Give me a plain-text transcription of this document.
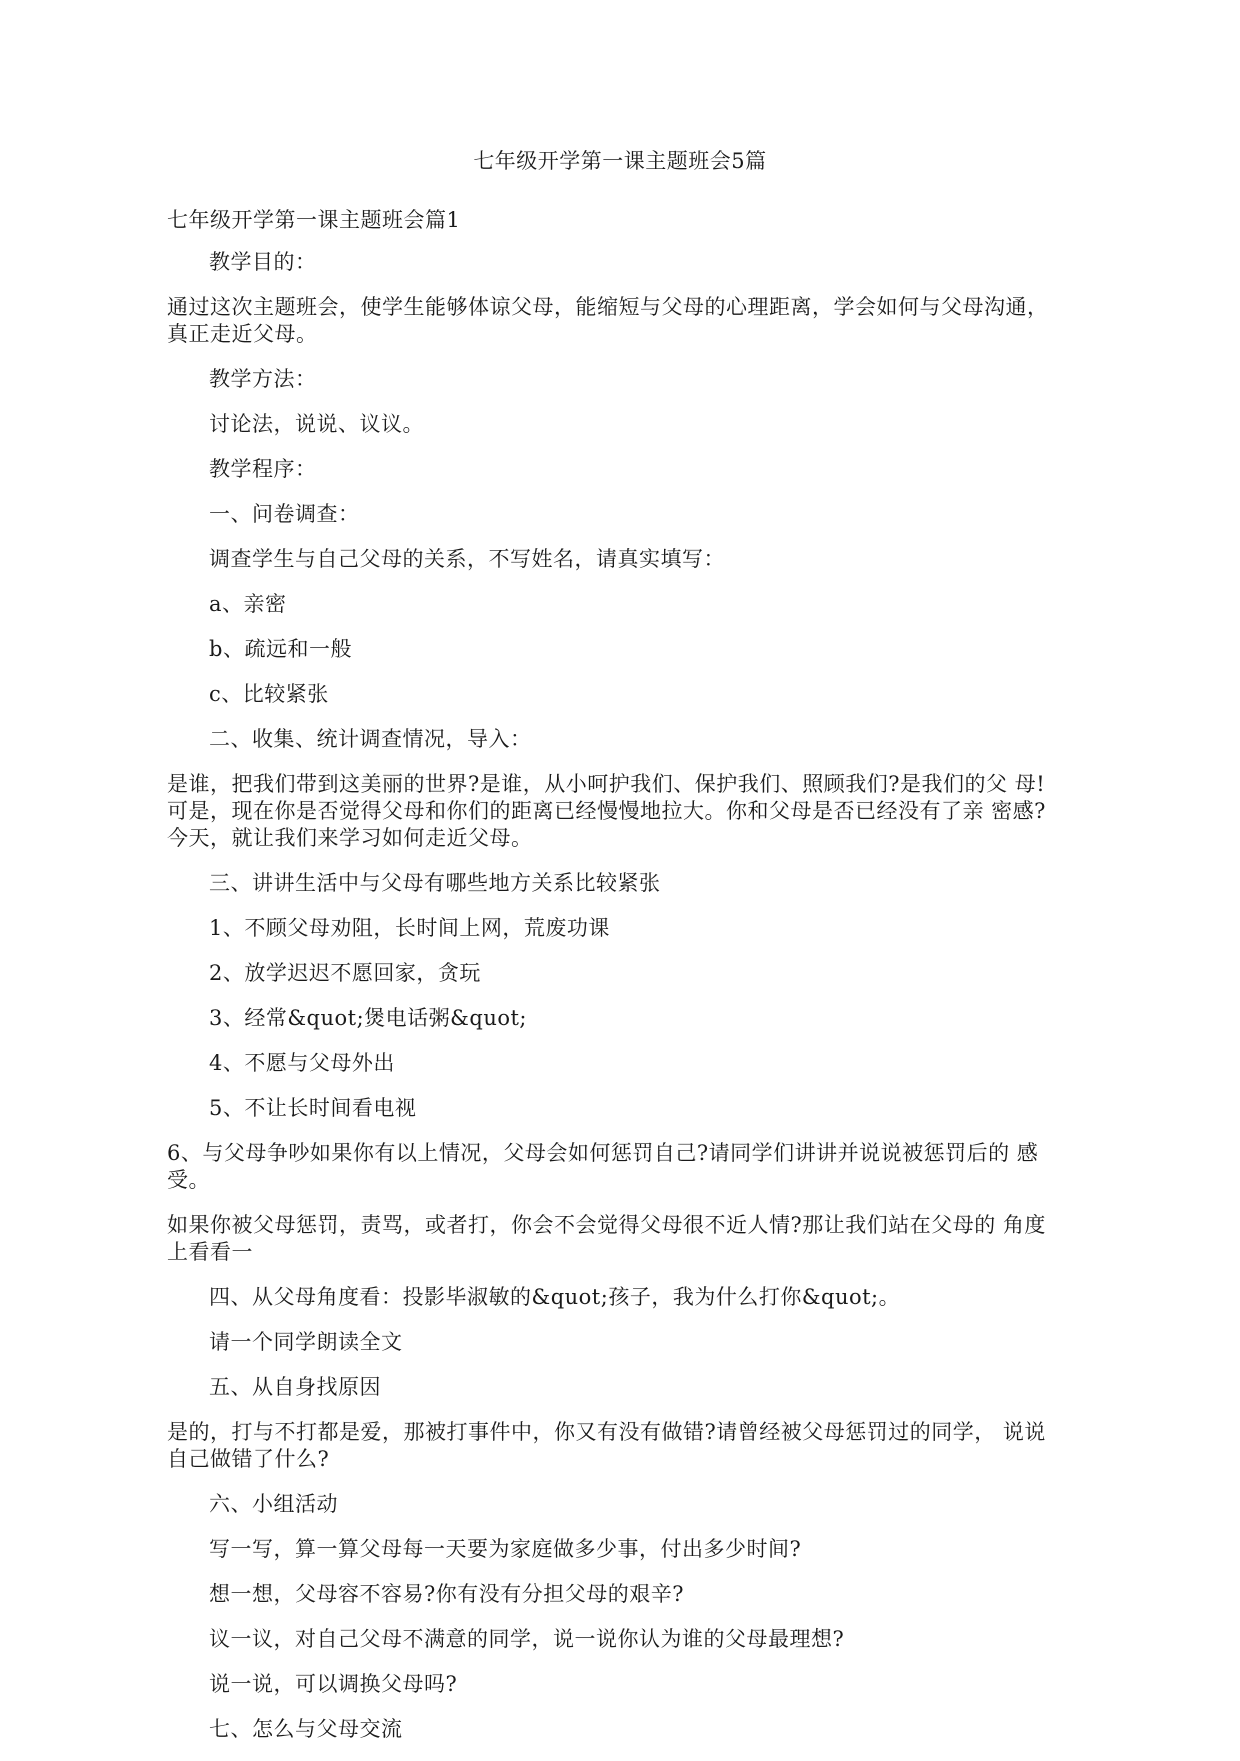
七年级开学第一课主题班会5篇
七年级开学第一课主题班会篇1
教学目的：
通过这次主题班会，使学生能够体谅父母，能缩短与父母的心理距离，学会如何与父母沟通，真正走近父母。
教学方法：
讨论法，说说、议议。
教学程序：
一、问卷调查：
调查学生与自己父母的关系，不写姓名，请真实填写：
a、亲密
b、疏远和一般
c、比较紧张
二、收集、统计调查情况，导入：
是谁，把我们带到这美丽的世界?是谁，从小呵护我们、保护我们、照顾我们?是我们的父 母!可是，现在你是否觉得父母和你们的距离已经慢慢地拉大。你和父母是否已经没有了亲 密感?今天，就让我们来学习如何走近父母。
三、讲讲生活中与父母有哪些地方关系比较紧张
1、不顾父母劝阻，长时间上网，荒废功课
2、放学迟迟不愿回家，贪玩
3、经常&quot;煲电话粥&quot;
4、不愿与父母外出
5、不让长时间看电视
6、与父母争吵如果你有以上情况，父母会如何惩罚自己?请同学们讲讲并说说被惩罚后的 感受。
如果你被父母惩罚，责骂，或者打，你会不会觉得父母很不近人情?那让我们站在父母的 角度上看看一
四、从父母角度看：投影毕淑敏的&quot;孩子，我为什么打你&quot;。
请一个同学朗读全文
五、从自身找原因
是的，打与不打都是爱，那被打事件中，你又有没有做错?请曾经被父母惩罚过的同学， 说说自己做错了什么?
六、小组活动
写一写，算一算父母每一天要为家庭做多少事，付出多少时间?
想一想，父母容不容易?你有没有分担父母的艰辛?
议一议，对自己父母不满意的同学，说一说你认为谁的父母最理想?
说一说，可以调换父母吗?
七、怎么与父母交流
